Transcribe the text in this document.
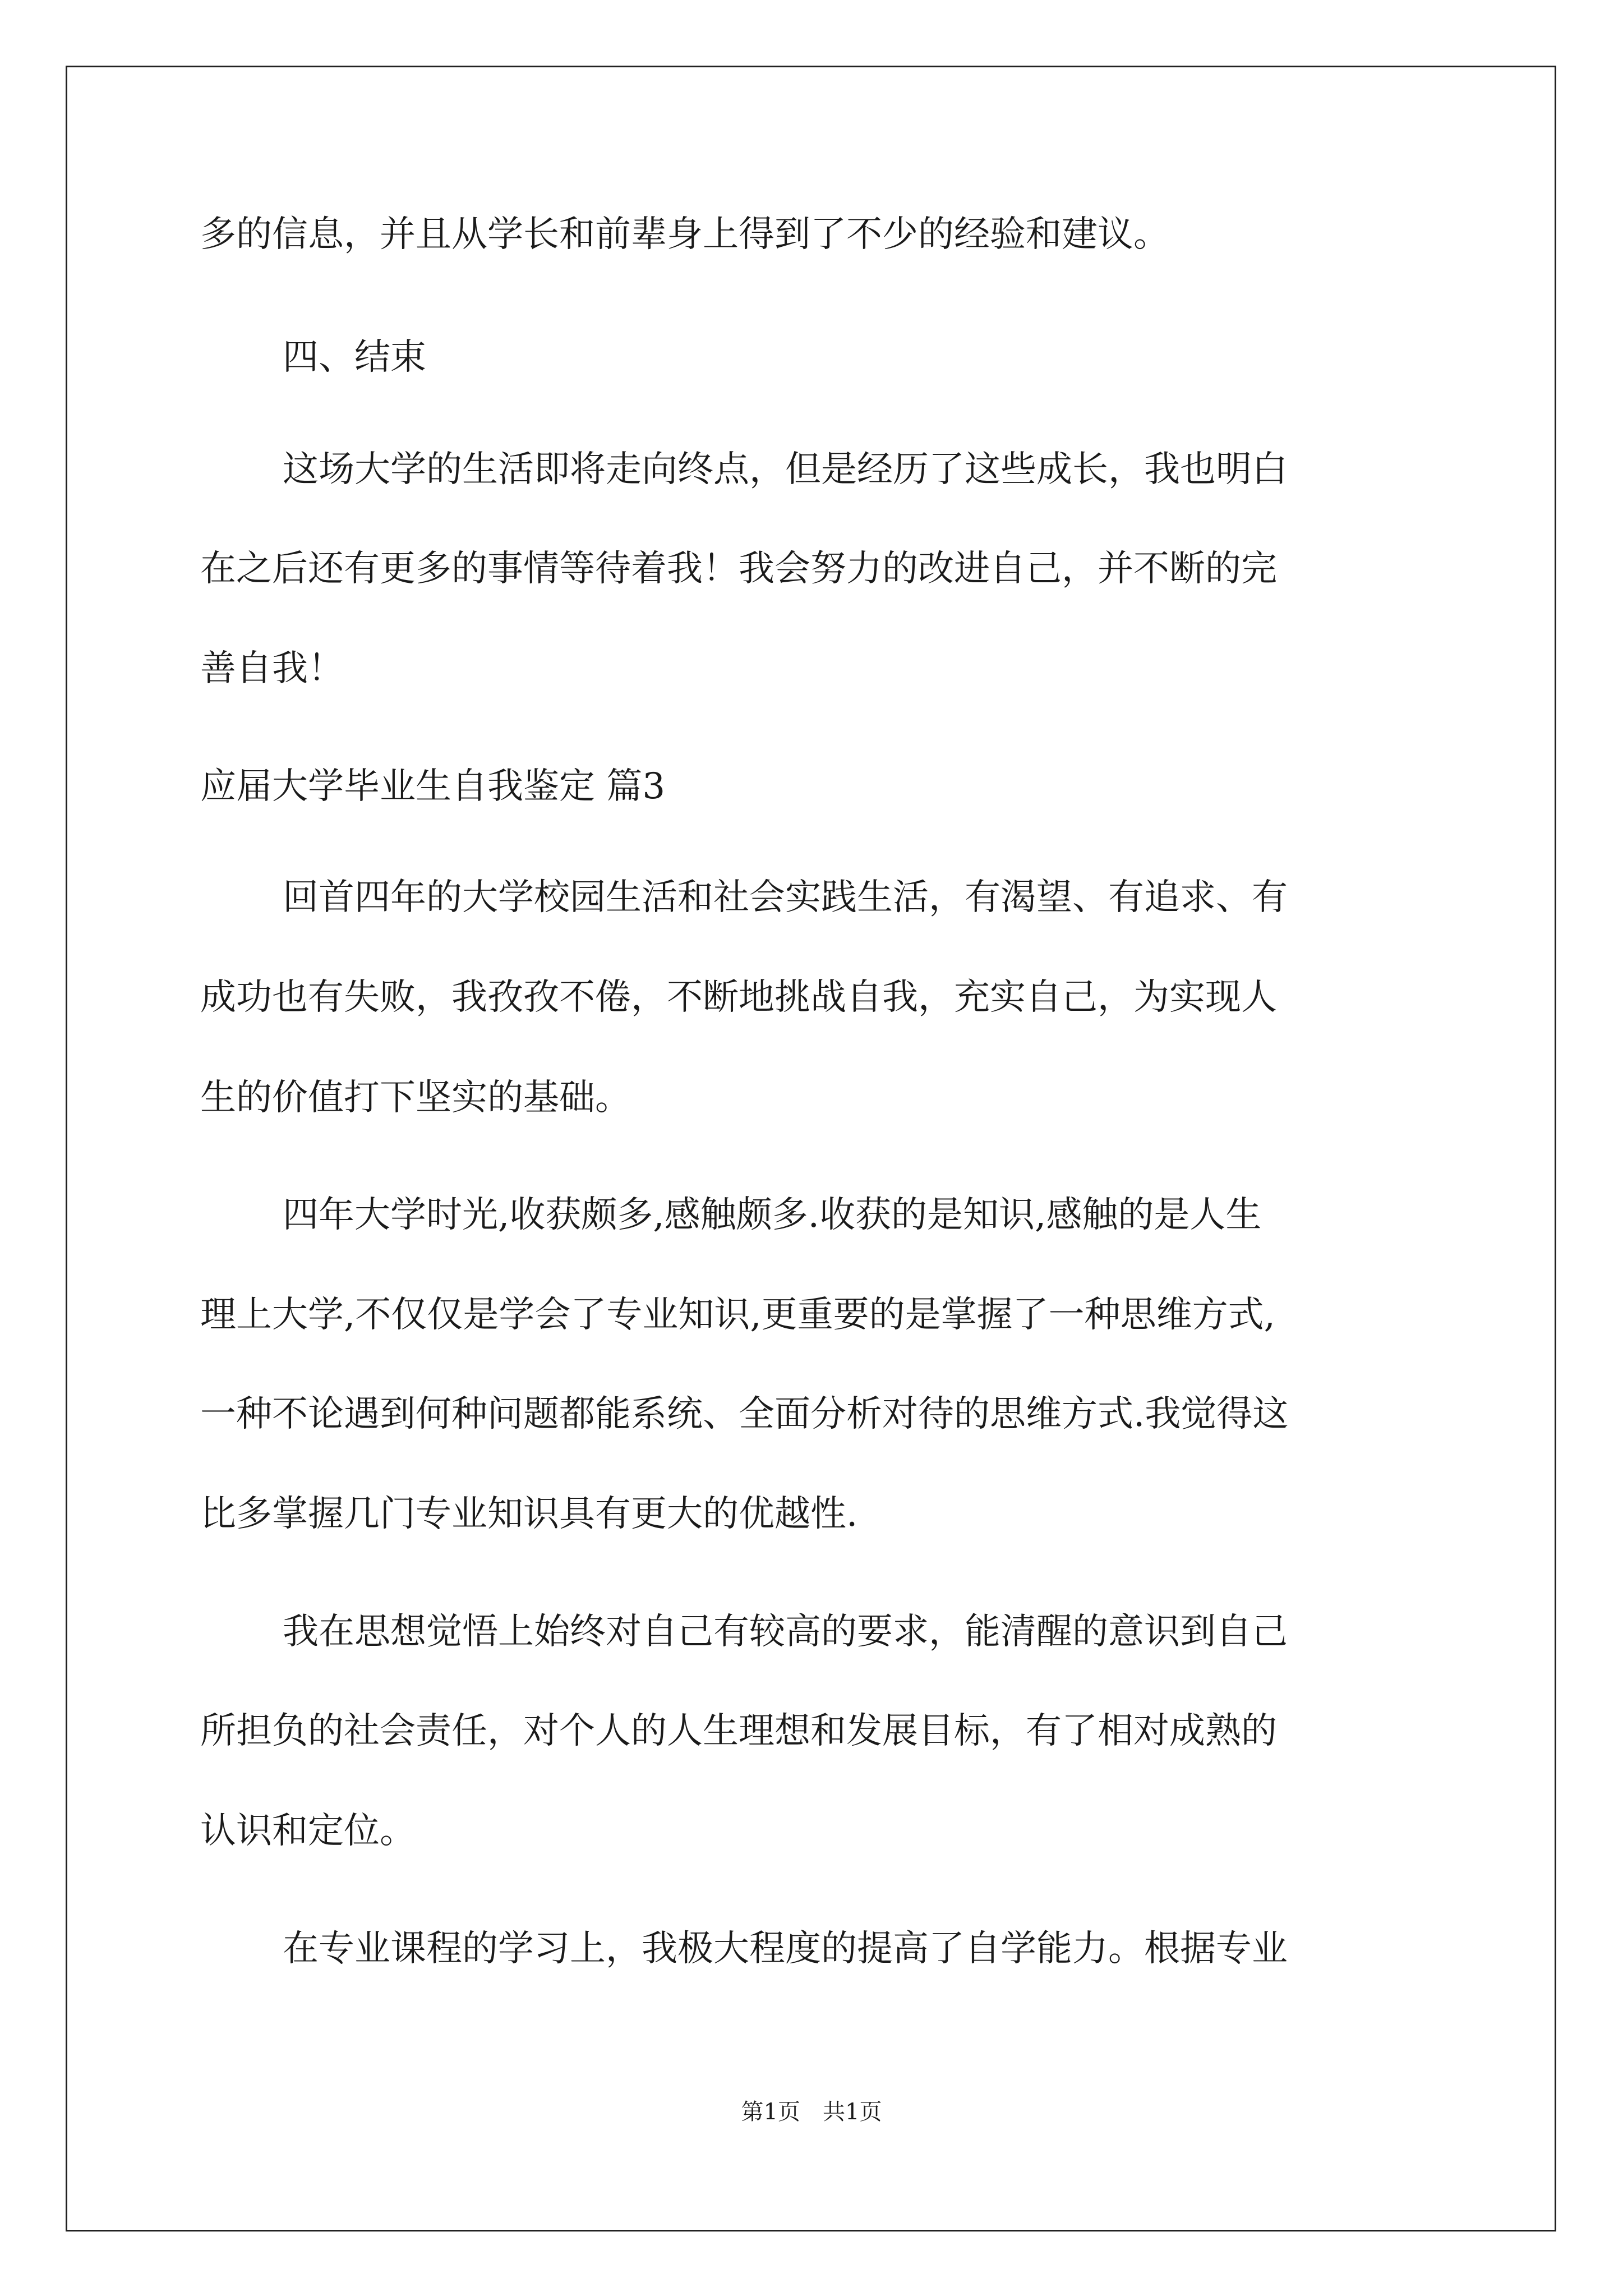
多的信息，并且从学长和前辈身上得到了不少的经验和建议。
四、结束
这场大学的生活即将走向终点，但是经历了这些成长，我也明白
在之后还有更多的事情等待着我！我会努力的改进自己，并不断的完
善自我！
应届大学毕业生自我鉴定 篇3
回首四年的大学校园生活和社会实践生活，有渴望、有追求、有
成功也有失败，我孜孜不倦，不断地挑战自我，充实自己，为实现人
生的价值打下坚实的基础。
四年大学时光,收获颇多,感触颇多.收获的是知识,感触的是人生
理上大学,不仅仅是学会了专业知识,更重要的是掌握了一种思维方式,
一种不论遇到何种问题都能系统、全面分析对待的思维方式.我觉得这
比多掌握几门专业知识具有更大的优越性.
我在思想觉悟上始终对自己有较高的要求，能清醒的意识到自己
所担负的社会责任，对个人的人生理想和发展目标，有了相对成熟的
认识和定位。
在专业课程的学习上，我极大程度的提高了自学能力。根据专业
第1页　共1页
